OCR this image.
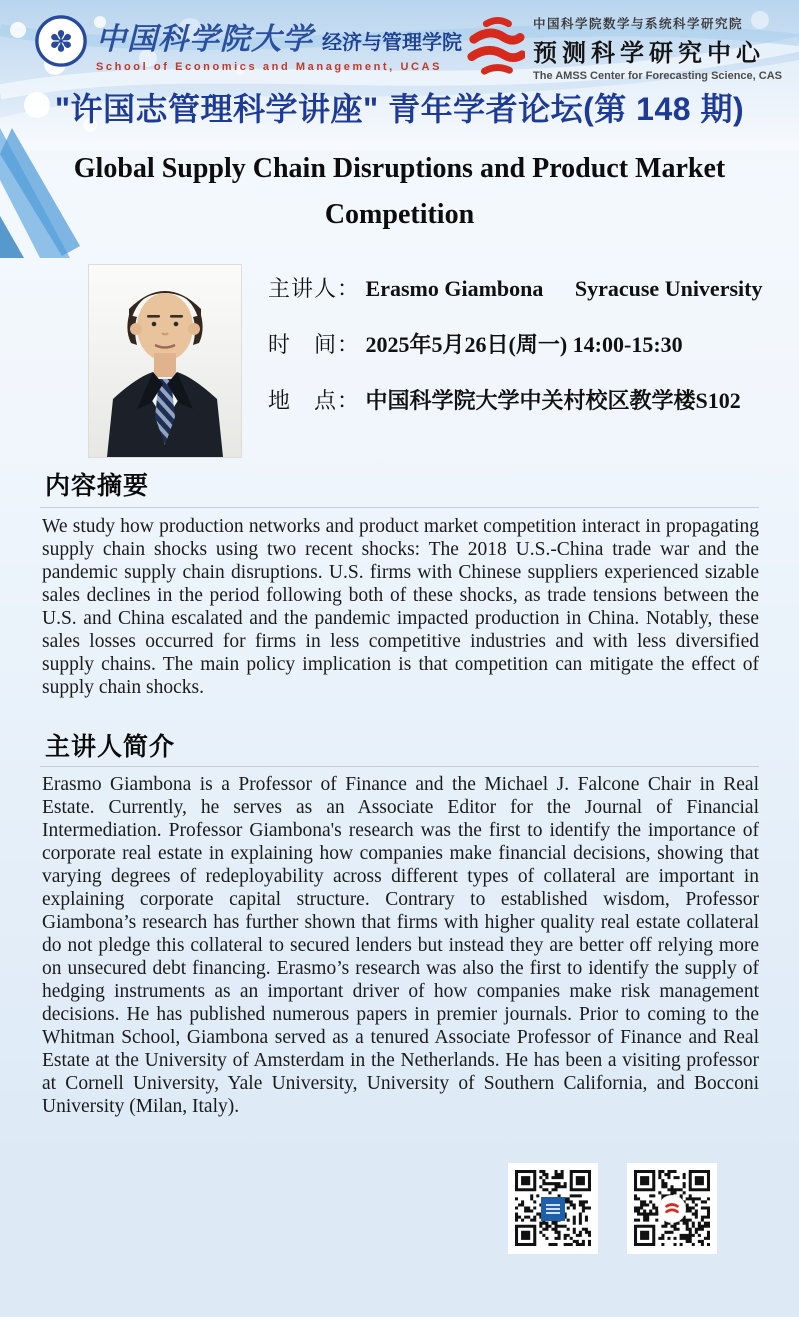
✽ 中国科学院大学 经济与管理学院
School of Economics and Management, UCAS
中国科学院数学与系统科学研究院
预测科学研究中心
The AMSS Center for Forecasting Science, CAS
"许国志管理科学讲座" 青年学者论坛(第 148 期)
Global Supply Chain Disruptions and Product Market Competition
主讲人： Erasmo Giambona Syracuse University
时　间： 2025年5月26日(周一) 14:00-15:30
地　点： 中国科学院大学中关村校区教学楼S102
内容摘要

We study how production networks and product market competition interact in propagating supply chain shocks using two recent shocks: The 2018 U.S.-China trade war and the pandemic supply chain disruptions. U.S. firms with Chinese suppliers experienced sizable sales declines in the period following both of these shocks, as trade tensions between the U.S. and China escalated and the pandemic impacted production in China. Notably, these sales losses occurred for firms in less competitive industries and with less diversified supply chains. The main policy implication is that competition can mitigate the effect of supply chain shocks.

主讲人简介

Erasmo Giambona is a Professor of Finance and the Michael J. Falcone Chair in Real Estate. Currently, he serves as an Associate Editor for the Journal of Financial Intermediation. Professor Giambona's research was the first to identify the importance of corporate real estate in explaining how companies make financial decisions, showing that varying degrees of redeployability across different types of collateral are important in explaining corporate capital structure. Contrary to established wisdom, Professor Giambona’s research has further shown that firms with higher quality real estate collateral do not pledge this collateral to secured lenders but instead they are better off relying more on unsecured debt financing. Erasmo’s research was also the first to identify the supply of hedging instruments as an important driver of how companies make risk management decisions. He has published numerous papers in premier journals. Prior to coming to the Whitman School, Giambona served as a tenured Associate Professor of Finance and Real Estate at the University of Amsterdam in the Netherlands. He has been a visiting professor at Cornell University, Yale University, University of Southern California, and Bocconi University (Milan, Italy).
